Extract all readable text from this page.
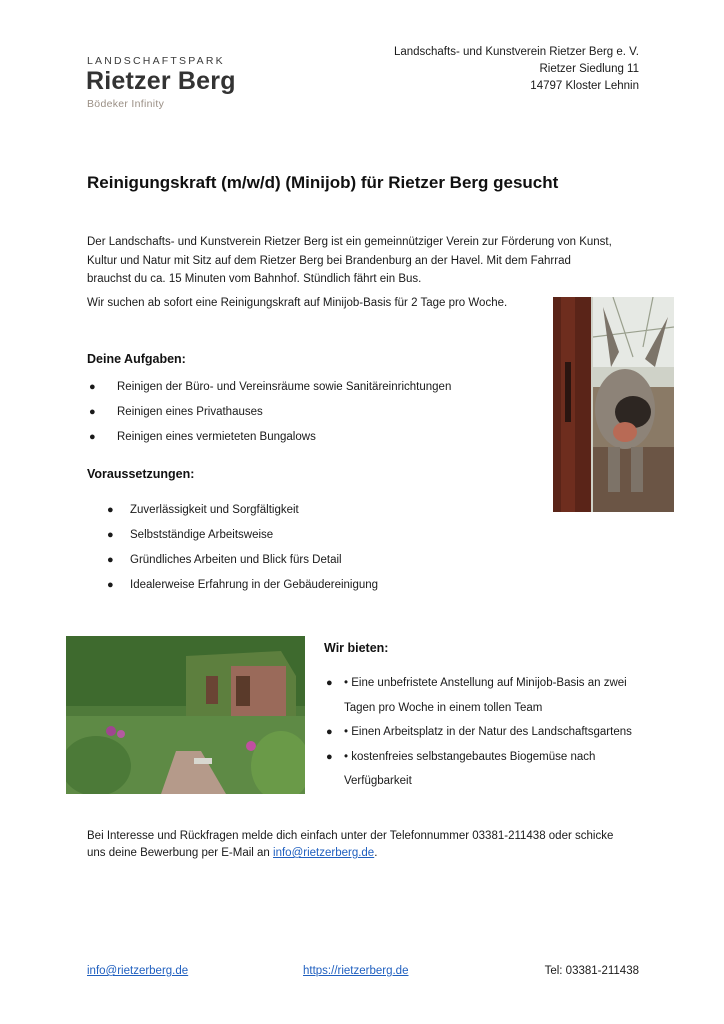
LANDSCHAFTSPARK
Rietzer Berg
Bödeker Infinity
Landschafts- und Kunstverein Rietzer Berg e. V.
Rietzer Siedlung 11
14797 Kloster Lehnin
Reinigungskraft (m/w/d) (Minijob) für Rietzer Berg gesucht
Der Landschafts- und Kunstverein Rietzer Berg ist ein gemeinnütziger Verein zur Förderung von Kunst, Kultur und Natur mit Sitz auf dem Rietzer Berg bei Brandenburg an der Havel. Mit dem Fahrrad brauchst du ca. 15 Minuten vom Bahnhof. Stündlich fährt ein Bus.
Wir suchen ab sofort eine Reinigungskraft auf Minijob-Basis für 2 Tage pro Woche.
Deine Aufgaben:
● Reinigen der Büro- und Vereinsräume sowie Sanitäreinrichtungen
● Reinigen eines Privathauses
● Reinigen eines vermieteten Bungalows
Voraussetzungen:
● Zuverlässigkeit und Sorgfältigkeit
● Selbstständige Arbeitsweise
● Gründliches Arbeiten und Blick fürs Detail
● Idealerweise Erfahrung in der Gebäudereinigung
Wir bieten:
● • Eine unbefristete Anstellung auf Minijob-Basis an zwei Tagen pro Woche in einem tollen Team
● • Einen Arbeitsplatz in der Natur des Landschaftsgartens
● • kostenfreies selbstangebautes Biogemüse nach Verfügbarkeit
Bei Interesse und Rückfragen melde dich einfach unter der Telefonnummer 03381-211438 oder schicke uns deine Bewerbung per E-Mail an info@rietzerberg.de.
info@rietzerberg.de	https://rietzerberg.de	Tel: 03381-211438
